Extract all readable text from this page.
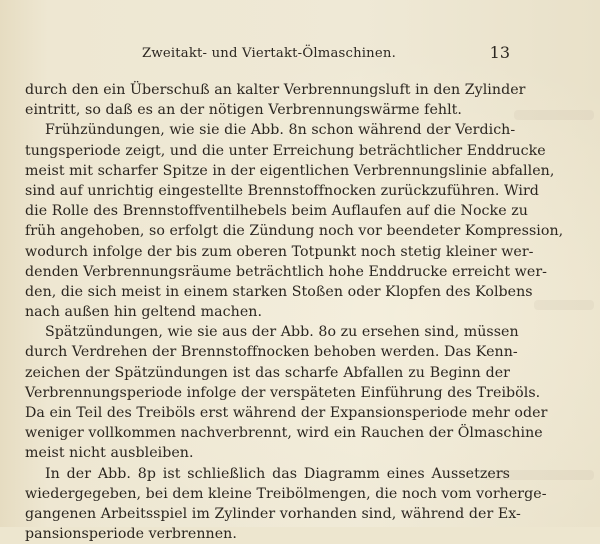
Zweitakt- und Viertakt-Ölmaschinen.	13
durch den ein Überschuß an kalter Verbrennungsluft in den Zylinder
eintritt, so daß es an der nötigen Verbrennungswärme fehlt.
Frühzündungen, wie sie die Abb. 8n schon während der Verdich-
tungsperiode zeigt, und die unter Erreichung beträchtlicher Enddrucke
meist mit scharfer Spitze in der eigentlichen Verbrennungslinie abfallen,
sind auf unrichtig eingestellte Brennstoffnocken zurückzuführen. Wird
die Rolle des Brennstoffventilhebels beim Auflaufen auf die Nocke zu
früh angehoben, so erfolgt die Zündung noch vor beendeter Kompression,
wodurch infolge der bis zum oberen Totpunkt noch stetig kleiner wer-
denden Verbrennungsräume beträchtlich hohe Enddrucke erreicht wer-
den, die sich meist in einem starken Stoßen oder Klopfen des Kolbens
nach außen hin geltend machen.
Spätzündungen, wie sie aus der Abb. 8o zu ersehen sind, müssen
durch Verdrehen der Brennstoffnocken behoben werden. Das Kenn-
zeichen der Spätzündungen ist das scharfe Abfallen zu Beginn der
Verbrennungsperiode infolge der verspäteten Einführung des Treiböls.
Da ein Teil des Treiböls erst während der Expansionsperiode mehr oder
weniger vollkommen nachverbrennt, wird ein Rauchen der Ölmaschine
meist nicht ausbleiben.
In der Abb. 8p ist schließlich das Diagramm eines Aussetzers
wiedergegeben, bei dem kleine Treibölmengen, die noch vom vorherge-
gangenen Arbeitsspiel im Zylinder vorhanden sind, während der Ex-
pansionsperiode verbrennen.
